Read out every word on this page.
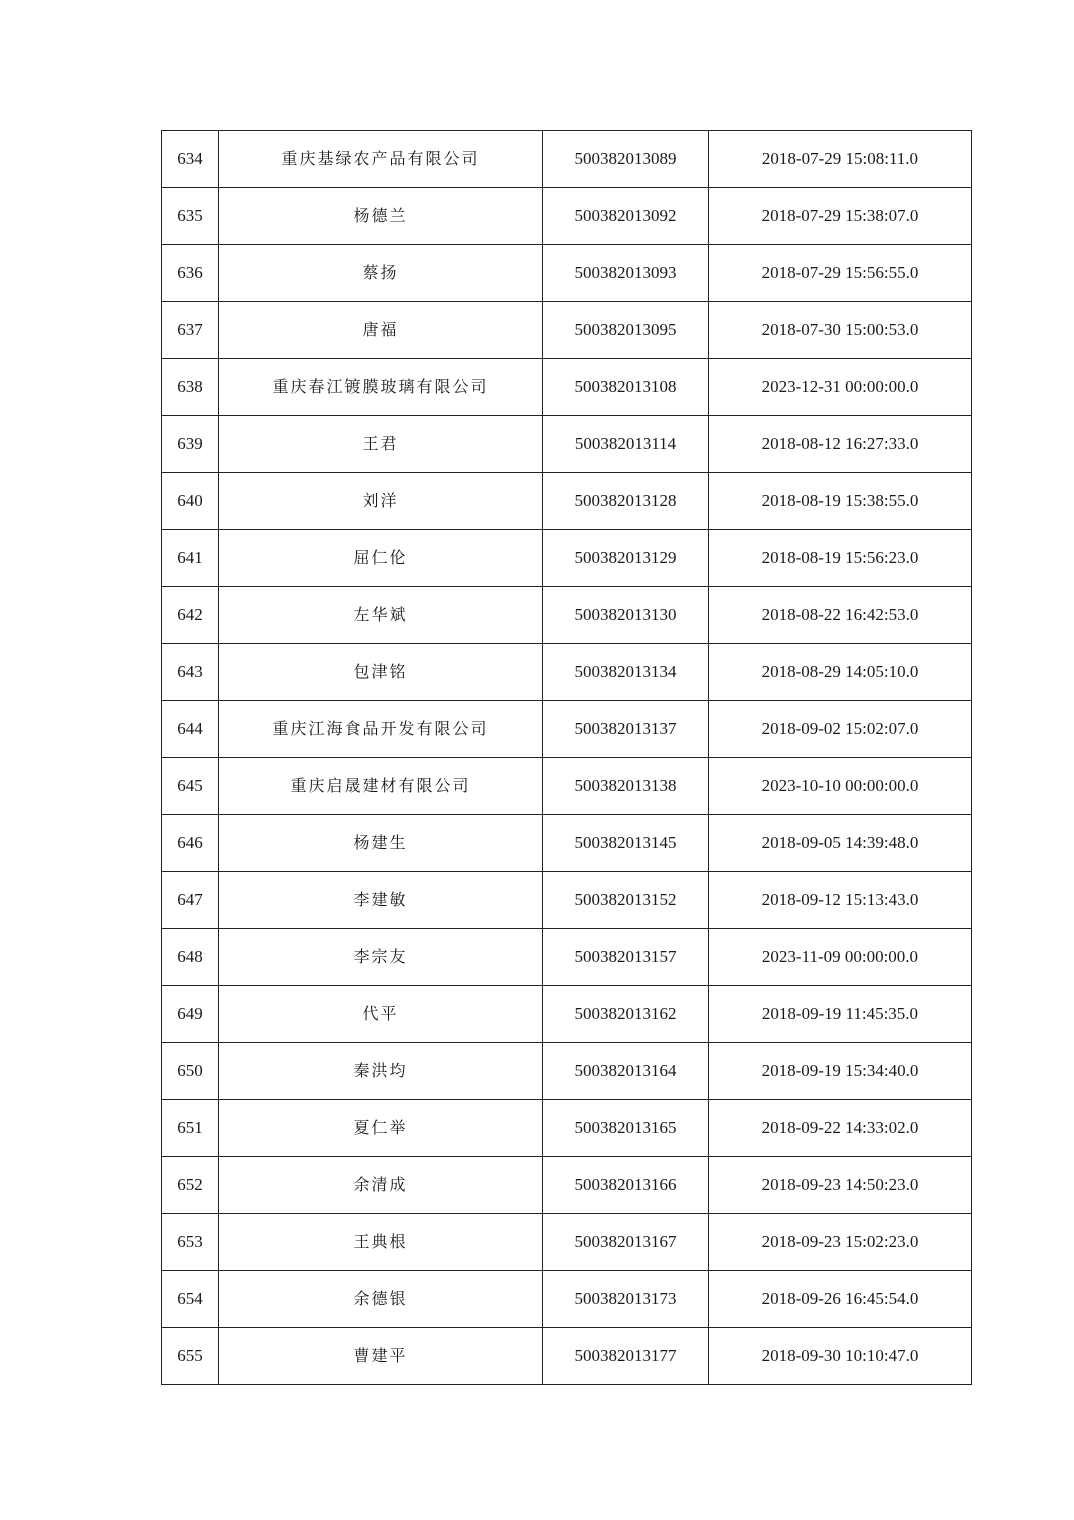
634	重庆基绿农产品有限公司	500382013089	2018-07-29 15:08:11.0
635	杨德兰	500382013092	2018-07-29 15:38:07.0
636	蔡扬	500382013093	2018-07-29 15:56:55.0
637	唐福	500382013095	2018-07-30 15:00:53.0
638	重庆春江镀膜玻璃有限公司	500382013108	2023-12-31 00:00:00.0
639	王君	500382013114	2018-08-12 16:27:33.0
640	刘洋	500382013128	2018-08-19 15:38:55.0
641	屈仁伦	500382013129	2018-08-19 15:56:23.0
642	左华斌	500382013130	2018-08-22 16:42:53.0
643	包津铭	500382013134	2018-08-29 14:05:10.0
644	重庆江海食品开发有限公司	500382013137	2018-09-02 15:02:07.0
645	重庆启晟建材有限公司	500382013138	2023-10-10 00:00:00.0
646	杨建生	500382013145	2018-09-05 14:39:48.0
647	李建敏	500382013152	2018-09-12 15:13:43.0
648	李宗友	500382013157	2023-11-09 00:00:00.0
649	代平	500382013162	2018-09-19 11:45:35.0
650	秦洪均	500382013164	2018-09-19 15:34:40.0
651	夏仁举	500382013165	2018-09-22 14:33:02.0
652	余清成	500382013166	2018-09-23 14:50:23.0
653	王典根	500382013167	2018-09-23 15:02:23.0
654	余德银	500382013173	2018-09-26 16:45:54.0
655	曹建平	500382013177	2018-09-30 10:10:47.0
